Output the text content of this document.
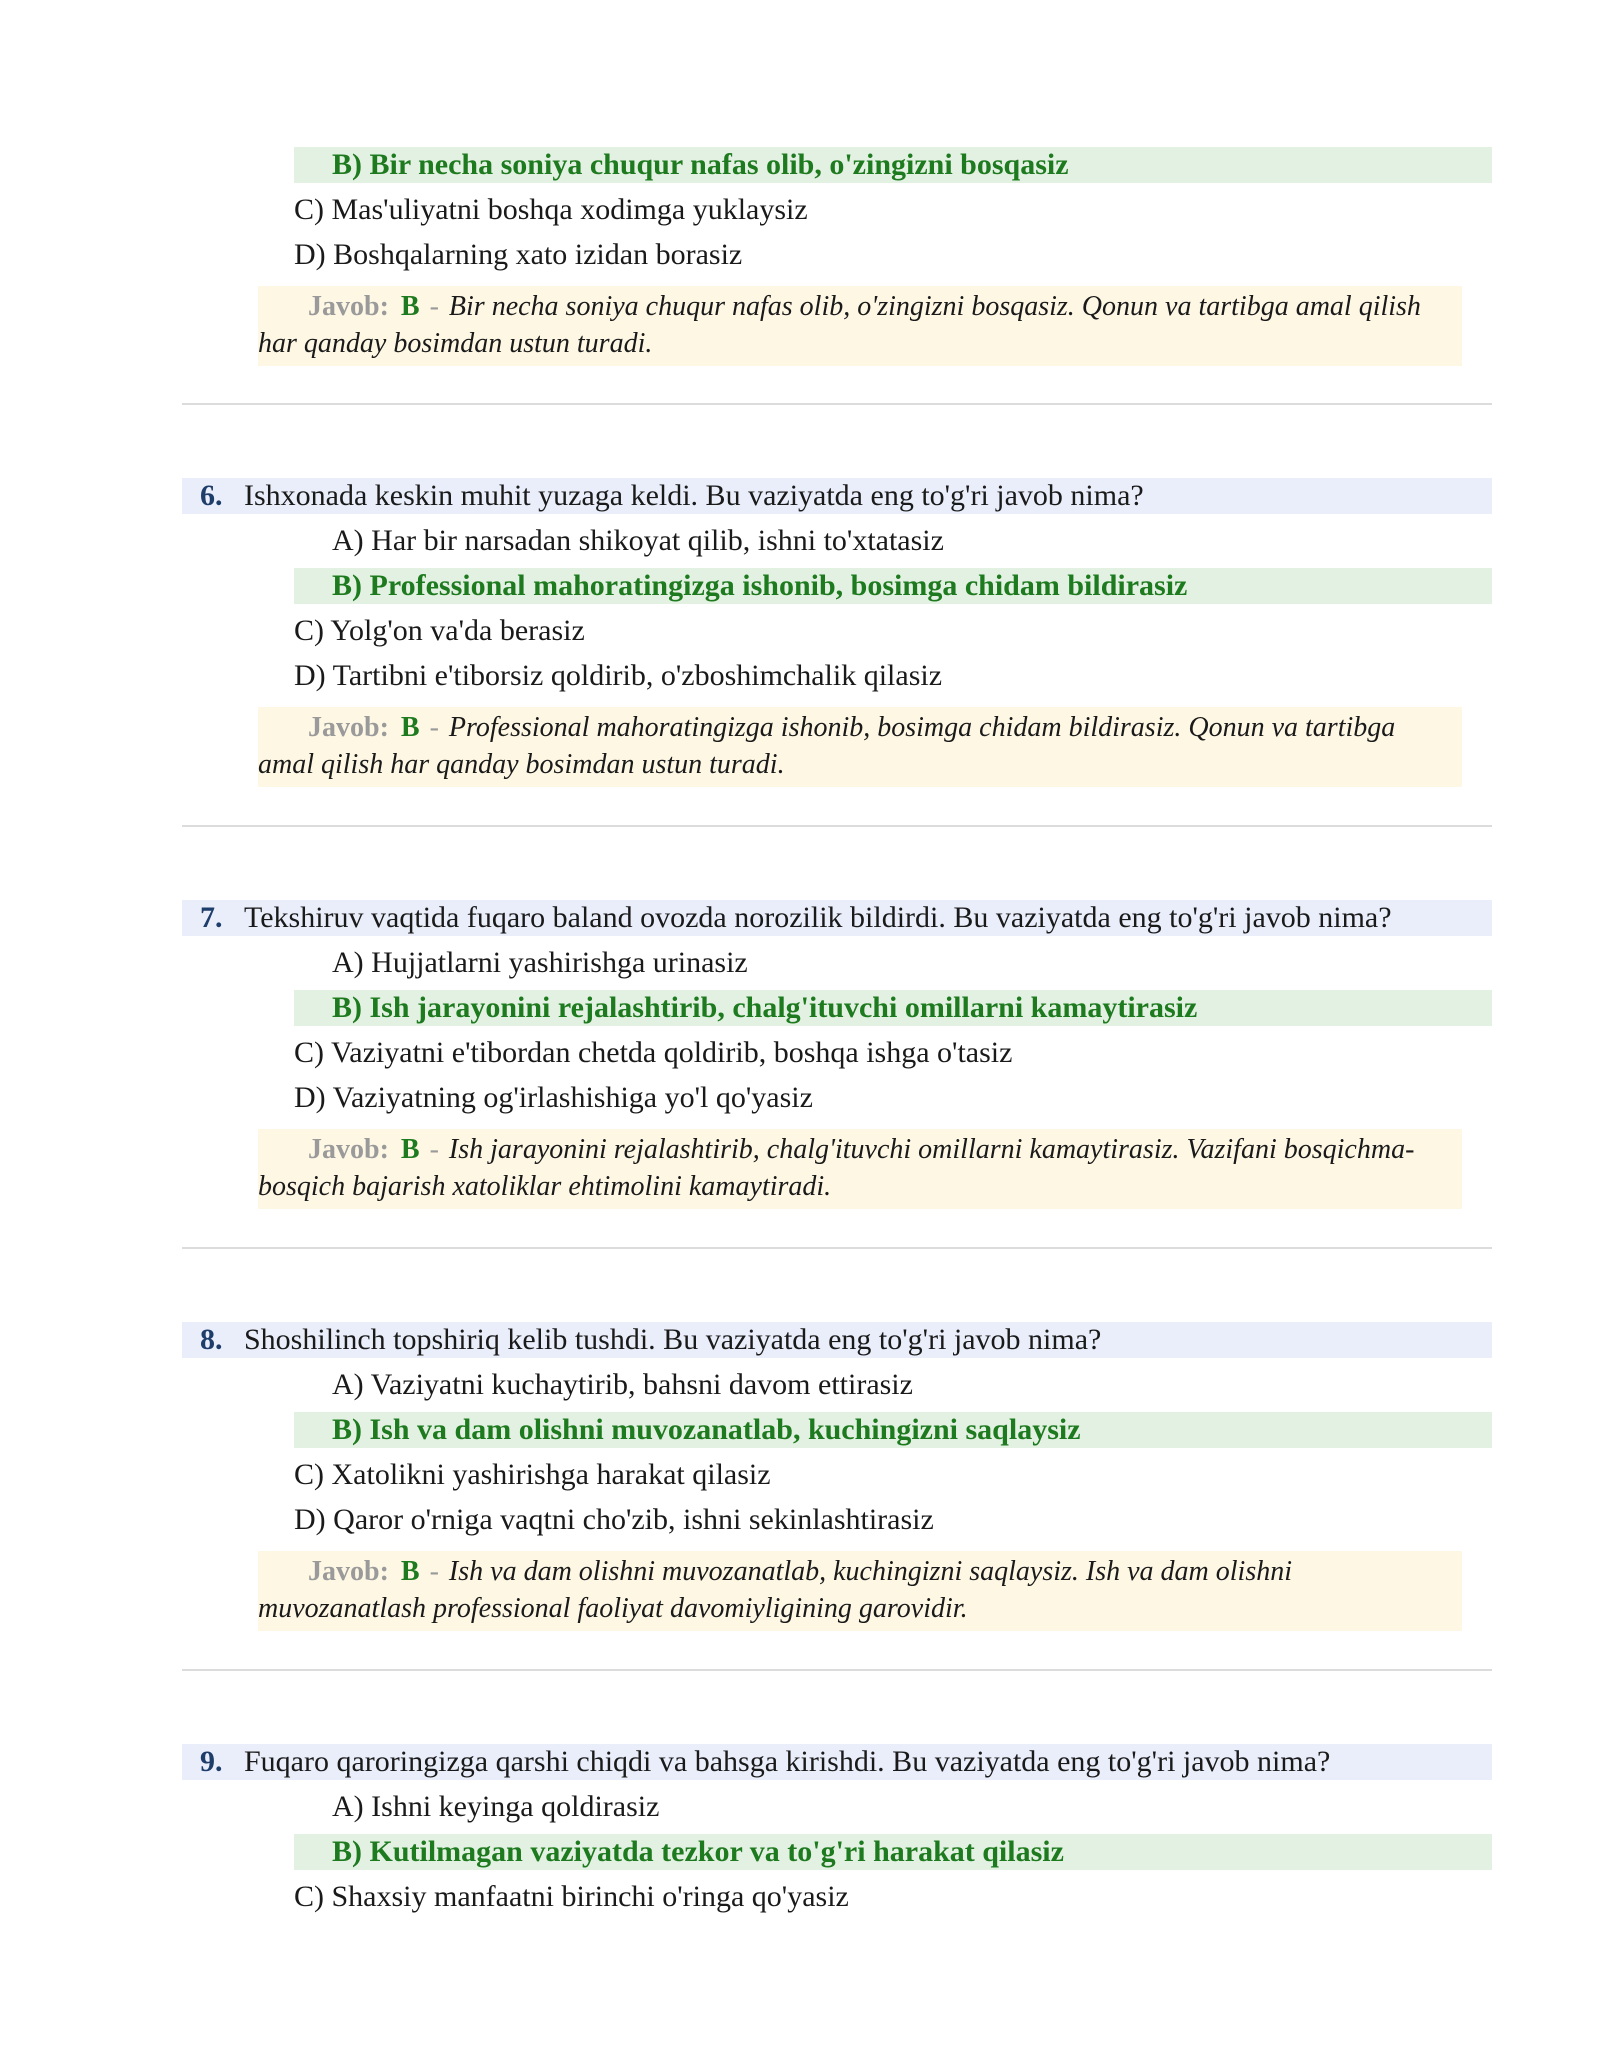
B) Bir necha soniya chuqur nafas olib, o'zingizni bosqasiz
C) Mas'uliyatni boshqa xodimga yuklaysiz
D) Boshqalarning xato izidan borasiz
Javob: B - Bir necha soniya chuqur nafas olib, o'zingizni bosqasiz. Qonun va tartibga amal qilish har qanday bosimdan ustun turadi.
6. Ishxonada keskin muhit yuzaga keldi. Bu vaziyatda eng to'g'ri javob nima?
A) Har bir narsadan shikoyat qilib, ishni to'xtatasiz
B) Professional mahoratingizga ishonib, bosimga chidam bildirasiz
C) Yolg'on va'da berasiz
D) Tartibni e'tiborsiz qoldirib, o'zboshimchalik qilasiz
Javob: B - Professional mahoratingizga ishonib, bosimga chidam bildirasiz. Qonun va tartibga amal qilish har qanday bosimdan ustun turadi.
7. Tekshiruv vaqtida fuqaro baland ovozda norozilik bildirdi. Bu vaziyatda eng to'g'ri javob nima?
A) Hujjatlarni yashirishga urinasiz
B) Ish jarayonini rejalashtirib, chalg'ituvchi omillarni kamaytirasiz
C) Vaziyatni e'tibordan chetda qoldirib, boshqa ishga o'tasiz
D) Vaziyatning og'irlashishiga yo'l qo'yasiz
Javob: B - Ish jarayonini rejalashtirib, chalg'ituvchi omillarni kamaytirasiz. Vazifani bosqichma-bosqich bajarish xatoliklar ehtimolini kamaytiradi.
8. Shoshilinch topshiriq kelib tushdi. Bu vaziyatda eng to'g'ri javob nima?
A) Vaziyatni kuchaytirib, bahsni davom ettirasiz
B) Ish va dam olishni muvozanatlab, kuchingizni saqlaysiz
C) Xatolikni yashirishga harakat qilasiz
D) Qaror o'rniga vaqtni cho'zib, ishni sekinlashtirasiz
Javob: B - Ish va dam olishni muvozanatlab, kuchingizni saqlaysiz. Ish va dam olishni muvozanatlash professional faoliyat davomiyligining garovidir.
9. Fuqaro qaroringizga qarshi chiqdi va bahsga kirishdi. Bu vaziyatda eng to'g'ri javob nima?
A) Ishni keyinga qoldirasiz
B) Kutilmagan vaziyatda tezkor va to'g'ri harakat qilasiz
C) Shaxsiy manfaatni birinchi o'ringa qo'yasiz
